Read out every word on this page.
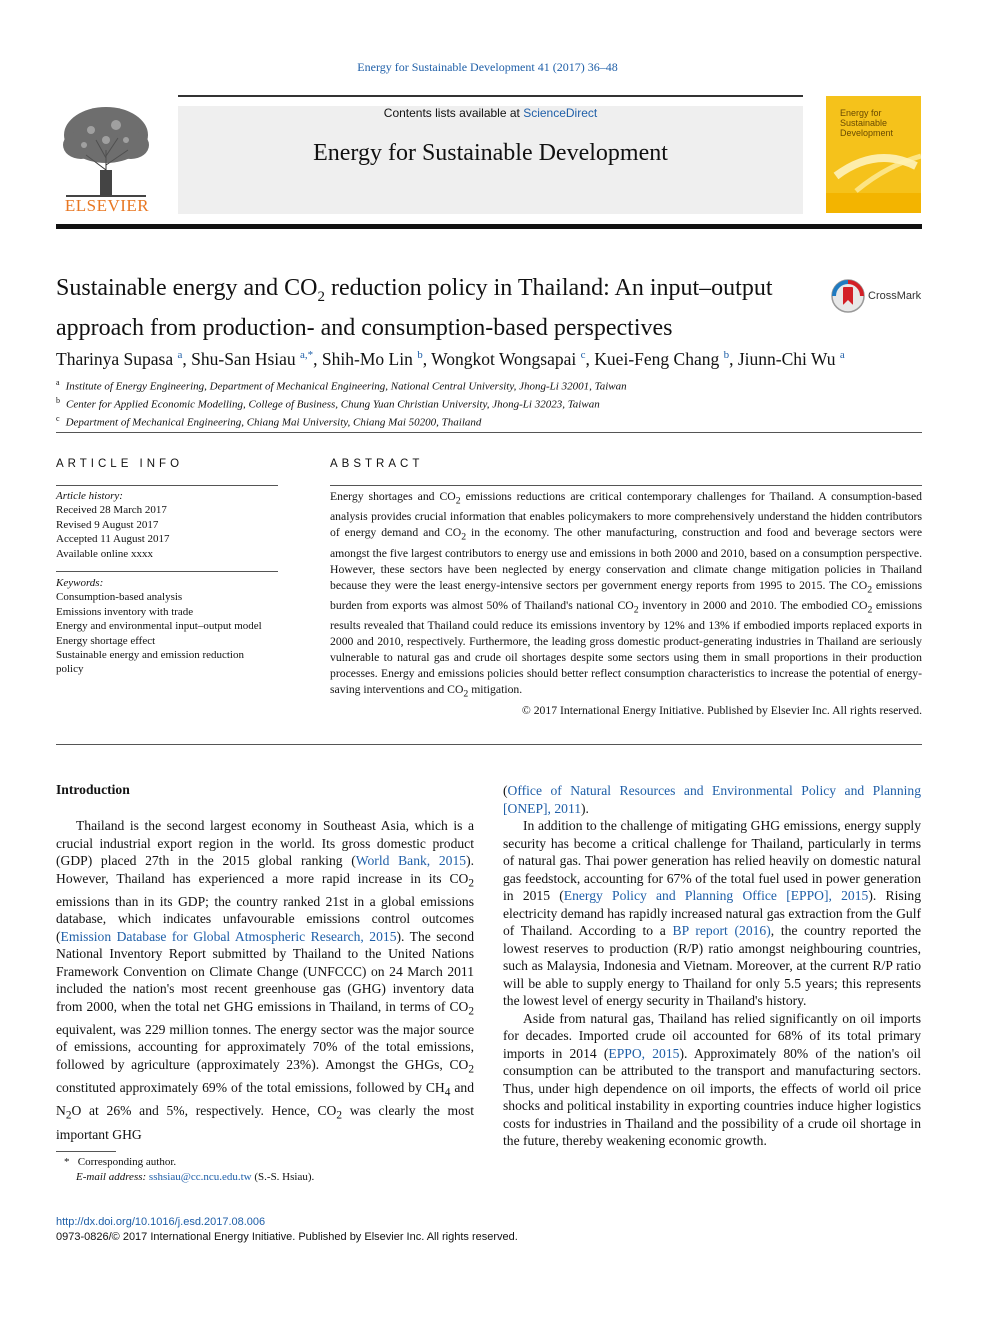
Energy for Sustainable Development 41 (2017) 36–48
Contents lists available at ScienceDirect
Energy for Sustainable Development
ELSEVIER
Energy for
Sustainable
Development
Sustainable energy and $CO_2$ reduction policy in Thailand: An input–output
approach from production- and consumption-based perspectives
CrossMark
Tharinya Supasa $^a$, Shu-San Hsiau $^{a,*}$, Shih-Mo Lin $^b$, Wongkot Wongsapai $^c$, Kuei-Feng Chang $^b$, Jiunn-Chi Wu $^a$
$^a$ Institute of Energy Engineering, Department of Mechanical Engineering, National Central University, Jhong-Li 32001, Taiwan
$^b$ Center for Applied Economic Modelling, College of Business, Chung Yuan Christian University, Jhong-Li 32023, Taiwan
$^c$ Department of Mechanical Engineering, Chiang Mai University, Chiang Mai 50200, Thailand
ARTICLE INFO
Article history:
Received 28 March 2017
Revised 9 August 2017
Accepted 11 August 2017
Available online xxxx
Keywords:
Consumption-based analysis
Emissions inventory with trade
Energy and environmental input–output model
Energy shortage effect
Sustainable energy and emission reduction
policy
ABSTRACT
Energy shortages and $CO_2$ emissions reductions are critical contemporary challenges for Thailand. A consumption-based analysis provides crucial information that enables policymakers to more comprehensively understand the hidden contributors of energy demand and $CO_2$ in the economy. The other manufacturing, construction and food and beverage sectors were amongst the five largest contributors to energy use and emissions in both 2000 and 2010, based on a consumption perspective. However, these sectors have been neglected by energy conservation and climate change mitigation policies in Thailand because they were the least energy-intensive sectors per government energy reports from 1995 to 2015. The $CO_2$ emissions burden from exports was almost 50% of Thailand's national $CO_2$ inventory in 2000 and 2010. The embodied $CO_2$ emissions results revealed that Thailand could reduce its emissions inventory by 12% and 13% if embodied imports replaced exports in 2000 and 2010, respectively. Furthermore, the leading gross domestic product-generating industries in Thailand are seriously vulnerable to natural gas and crude oil shortages despite some sectors using them in small proportions in their production processes. Energy and emissions policies should better reflect consumption characteristics to increase the potential of energy-saving interventions and $CO_2$ mitigation.
© 2017 International Energy Initiative. Published by Elsevier Inc. All rights reserved.
Introduction

Thailand is the second largest economy in Southeast Asia, which is a crucial industrial export region in the world. Its gross domestic product (GDP) placed 27th in the 2015 global ranking (World Bank, 2015). However, Thailand has experienced a more rapid increase in its $CO_2$ emissions than in its GDP; the country ranked 21st in a global emissions database, which indicates unfavourable emissions control outcomes (Emission Database for Global Atmospheric Research, 2015). The second National Inventory Report submitted by Thailand to the United Nations Framework Convention on Climate Change (UNFCCC) on 24 March 2011 included the nation's most recent greenhouse gas (GHG) inventory data from 2000, when the total net GHG emissions in Thailand, in terms of $CO_2$ equivalent, was 229 million tonnes. The energy sector was the major source of emissions, accounting for approximately 70% of the total emissions, followed by agriculture (approximately 23%). Amongst the GHGs, $CO_2$ constituted approximately 69% of the total emissions, followed by $CH_4$ and $N_2O$ at 26% and 5%, respectively. Hence, $CO_2$ was clearly the most important GHG

(Office of Natural Resources and Environmental Policy and Planning [ONEP], 2011).

In addition to the challenge of mitigating GHG emissions, energy supply security has become a critical challenge for Thailand, particularly in terms of natural gas. Thai power generation has relied heavily on domestic natural gas feedstock, accounting for 67% of the total fuel used in power generation in 2015 (Energy Policy and Planning Office [EPPO], 2015). Rising electricity demand has rapidly increased natural gas extraction from the Gulf of Thailand. According to a BP report (2016), the country reported the lowest reserves to production (R/P) ratio amongst neighbouring countries, such as Malaysia, Indonesia and Vietnam. Moreover, at the current R/P ratio will be able to supply energy to Thailand for only 5.5 years; this represents the lowest level of energy security in Thailand's history.

Aside from natural gas, Thailand has relied significantly on oil imports for decades. Imported crude oil accounted for 68% of its total primary imports in 2014 (EPPO, 2015). Approximately 80% of the nation's oil consumption can be attributed to the transport and manufacturing sectors. Thus, under high dependence on oil imports, the effects of world oil price shocks and political instability in exporting countries induce higher logistics costs for industries in Thailand and the possibility of a crude oil shortage in the future, thereby weakening economic growth.

*   Corresponding author.
E-mail address: sshsiau@cc.ncu.edu.tw (S.-S. Hsiau).
http://dx.doi.org/10.1016/j.esd.2017.08.006
0973-0826/© 2017 International Energy Initiative. Published by Elsevier Inc. All rights reserved.
